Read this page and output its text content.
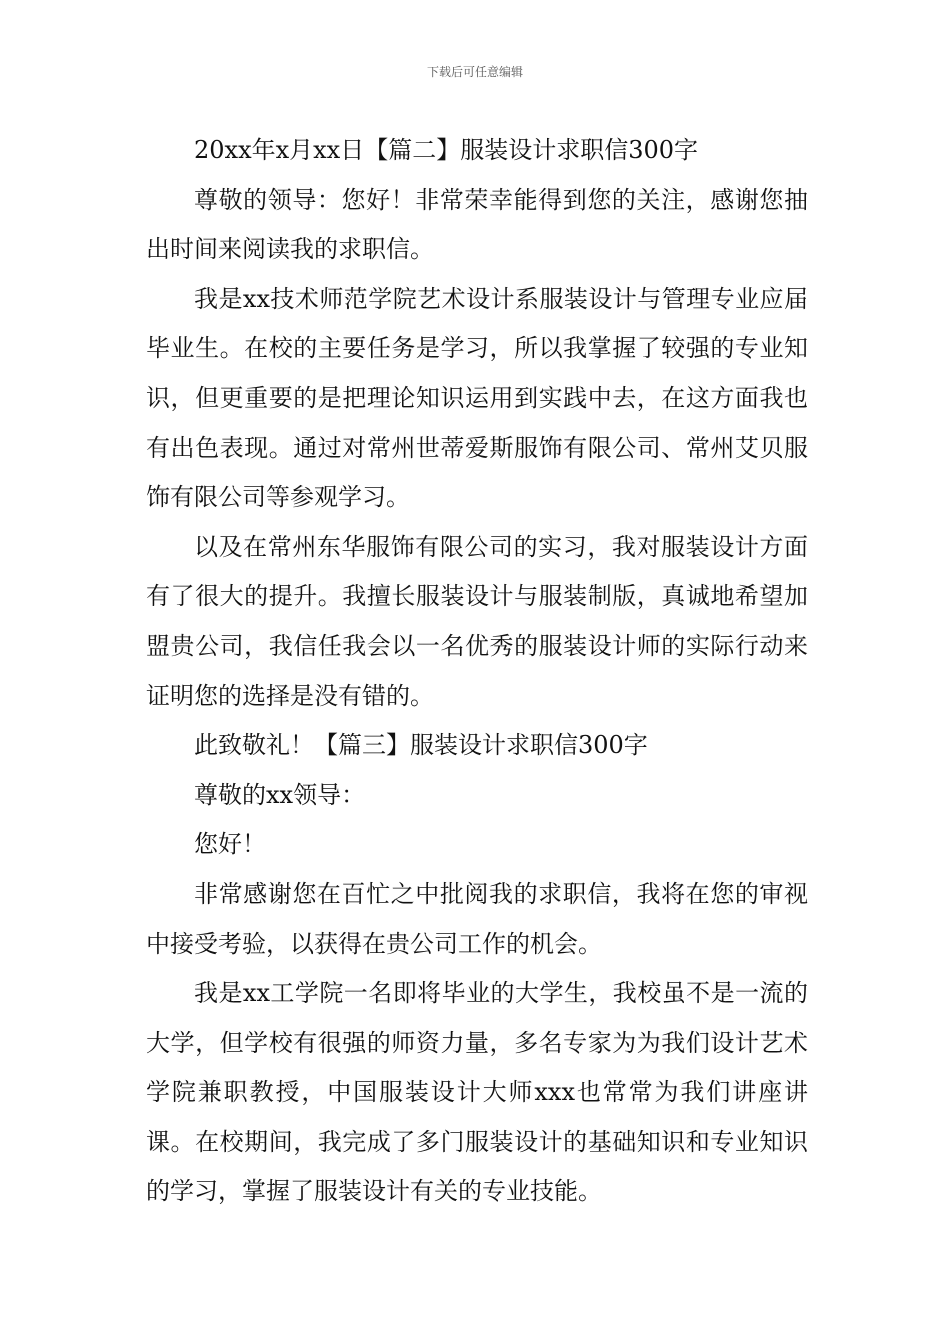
下载后可任意编辑

20xx年x月xx日【篇二】服装设计求职信300字

尊敬的领导：您好！非常荣幸能得到您的关注，感谢您抽出时间来阅读我的求职信。

我是xx技术师范学院艺术设计系服装设计与管理专业应届毕业生。在校的主要任务是学习，所以我掌握了较强的专业知识，但更重要的是把理论知识运用到实践中去，在这方面我也有出色表现。通过对常州世蒂爱斯服饰有限公司、常州艾贝服饰有限公司等参观学习。

以及在常州东华服饰有限公司的实习，我对服装设计方面有了很大的提升。我擅长服装设计与服装制版，真诚地希望加盟贵公司，我信任我会以一名优秀的服装设计师的实际行动来证明您的选择是没有错的。

此致敬礼！【篇三】服装设计求职信300字

尊敬的xx领导：

您好！

非常感谢您在百忙之中批阅我的求职信，我将在您的审视中接受考验，以获得在贵公司工作的机会。

我是xx工学院一名即将毕业的大学生，我校虽不是一流的大学，但学校有很强的师资力量，多名专家为为我们设计艺术学院兼职教授，中国服装设计大师xxx也常常为我们讲座讲课。在校期间，我完成了多门服装设计的基础知识和专业知识的学习，掌握了服装设计有关的专业技能。
